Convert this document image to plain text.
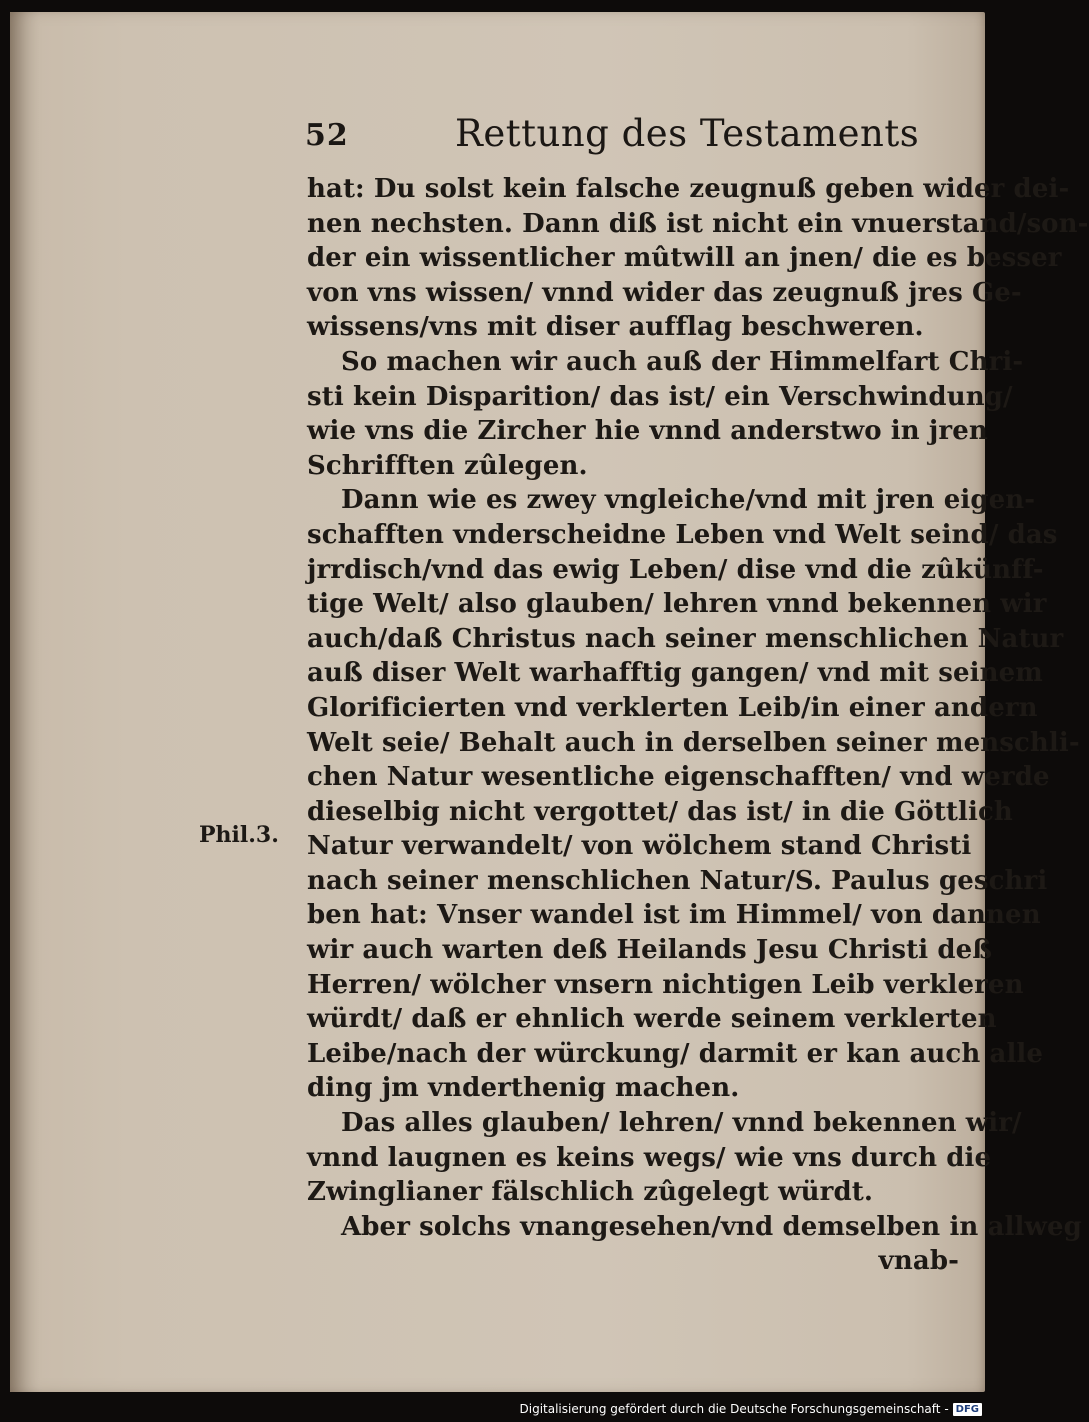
52	Rettung des Testaments
Phil.3.
hat: Du solst kein falsche zeugnuß geben wider dei-
nen nechsten. Dann diß ist nicht ein vnuerstand/son-
der ein wissentlicher mûtwill an jnen/ die es besser
von vns wissen/ vnnd wider das zeugnuß jres Ge-
wissens/vns mit diser aufflag beschweren.
So machen wir auch auß der Himmelfart Chri-
sti kein Disparition/ das ist/ ein Verschwindung/
wie vns die Zircher hie vnnd anderstwo in jren
Schrifften zûlegen.
Dann wie es zwey vngleiche/vnd mit jren eigen-
schafften vnderscheidne Leben vnd Welt seind/ das
jrrdisch/vnd das ewig Leben/ dise vnd die zûkünff-
tige Welt/ also glauben/ lehren vnnd bekennen wir
auch/daß Christus nach seiner menschlichen Natur
auß diser Welt warhafftig gangen/ vnd mit seinem
Glorificierten vnd verklerten Leib/in einer andern
Welt seie/ Behalt auch in derselben seiner menschli-
chen Natur wesentliche eigenschafften/ vnd werde
dieselbig nicht vergottet/ das ist/ in die Göttlich
Natur verwandelt/ von wölchem stand Christi
nach seiner menschlichen Natur/S. Paulus geschri
ben hat: Vnser wandel ist im Himmel/ von dannen
wir auch warten deß Heilands Jesu Christi deß
Herren/ wölcher vnsern nichtigen Leib verkleren
würdt/ daß er ehnlich werde seinem verklerten
Leibe/nach der würckung/ darmit er kan auch alle
ding jm vnderthenig machen.
Das alles glauben/ lehren/ vnnd bekennen wir/
vnnd laugnen es keins wegs/ wie vns durch die
Zwinglianer fälschlich zûgelegt würdt.
Aber solchs vnangesehen/vnd demselben in allweg
vnab-
Digitalisierung gefördert durch die Deutsche Forschungsgemeinschaft - DFG
